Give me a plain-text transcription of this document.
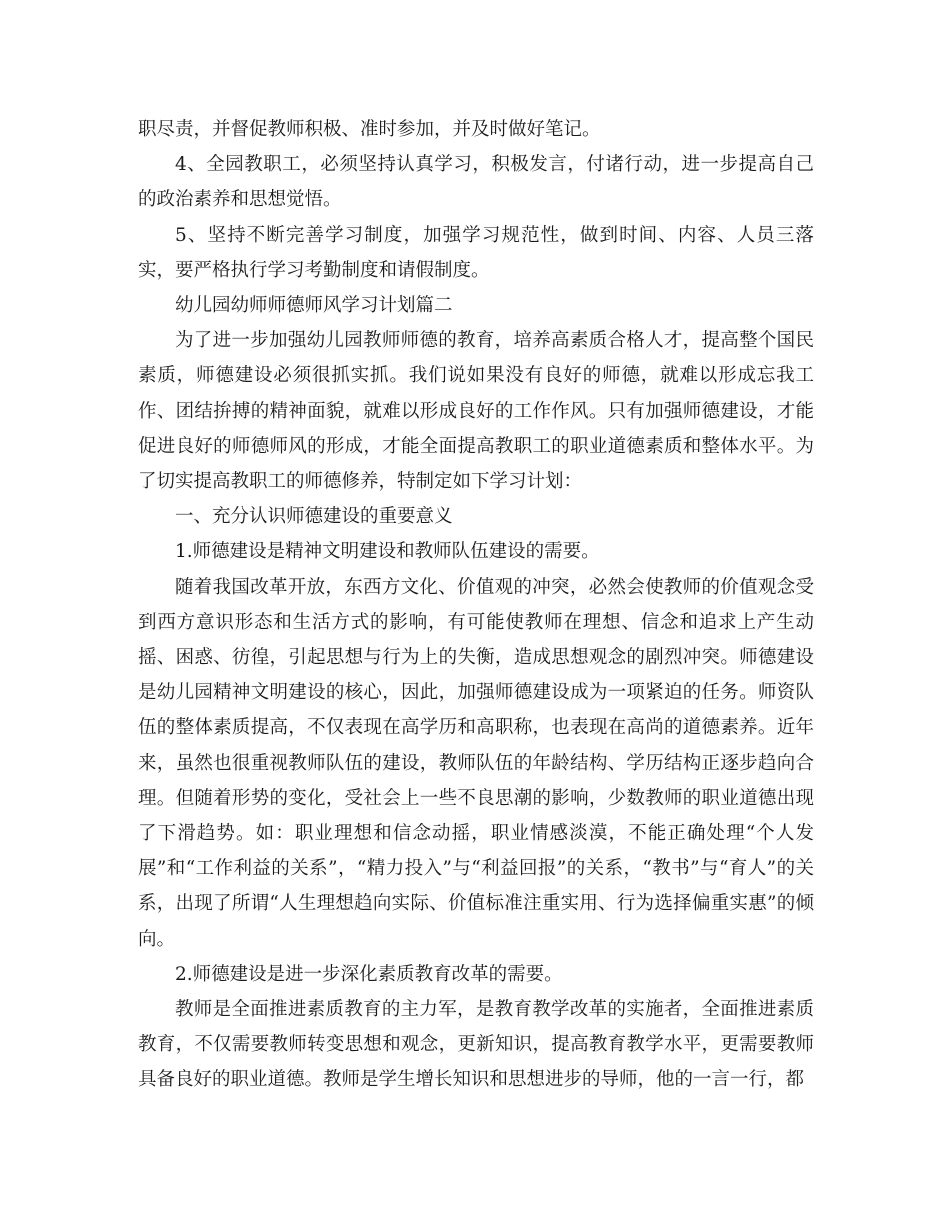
职尽责，并督促教师积极、准时参加，并及时做好笔记。

4、全园教职工，必须坚持认真学习，积极发言，付诸行动，进一步提高自己的政治素养和思想觉悟。

5、坚持不断完善学习制度，加强学习规范性，做到时间、内容、人员三落实，要严格执行学习考勤制度和请假制度。

幼儿园幼师师德师风学习计划篇二

为了进一步加强幼儿园教师师德的教育，培养高素质合格人才，提高整个国民素质，师德建设必须很抓实抓。我们说如果没有良好的师德，就难以形成忘我工作、团结拚搏的精神面貌，就难以形成良好的工作作风。只有加强师德建设，才能促进良好的师德师风的形成，才能全面提高教职工的职业道德素质和整体水平。为了切实提高教职工的师德修养，特制定如下学习计划：

一、充分认识师德建设的重要意义

1.师德建设是精神文明建设和教师队伍建设的需要。

随着我国改革开放，东西方文化、价值观的冲突，必然会使教师的价值观念受到西方意识形态和生活方式的影响，有可能使教师在理想、信念和追求上产生动摇、困惑、彷徨，引起思想与行为上的失衡，造成思想观念的剧烈冲突。师德建设是幼儿园精神文明建设的核心，因此，加强师德建设成为一项紧迫的任务。师资队伍的整体素质提高，不仅表现在高学历和高职称，也表现在高尚的道德素养。近年来，虽然也很重视教师队伍的建设，教师队伍的年龄结构、学历结构正逐步趋向合理。但随着形势的变化，受社会上一些不良思潮的影响，少数教师的职业道德出现了下滑趋势。如：职业理想和信念动摇，职业情感淡漠，不能正确处理“个人发展”和“工作利益的关系”，“精力投入”与“利益回报”的关系，“教书”与“育人”的关系，出现了所谓“人生理想趋向实际、价值标准注重实用、行为选择偏重实惠”的倾向。

2.师德建设是进一步深化素质教育改革的需要。

教师是全面推进素质教育的主力军，是教育教学改革的实施者，全面推进素质教育，不仅需要教师转变思想和观念，更新知识，提高教育教学水平，更需要教师具备良好的职业道德。教师是学生增长知识和思想进步的导师，他的一言一行，都
